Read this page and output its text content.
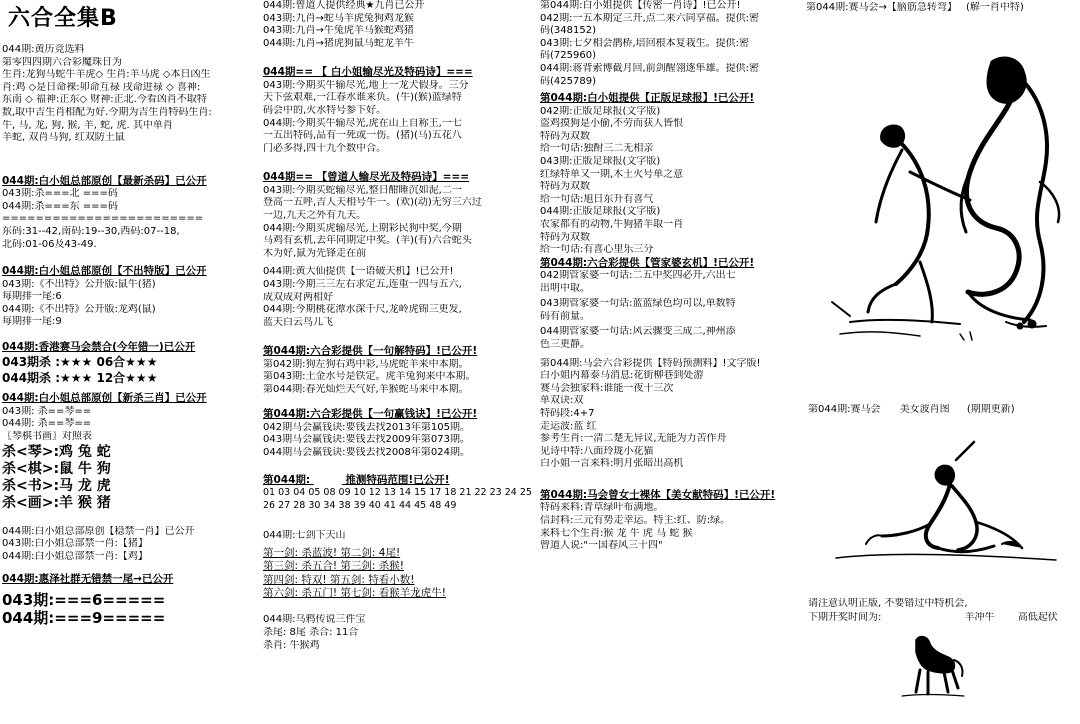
六合全集B
044期:黄历竞选料
第零四四期六合彩魔珠日为
生肖:龙狗马蛇牛羊虎◇ 生肖:羊马虎 ◇本日凶生
肖:鸡 ◇是日命裸:卯命互禄 戌命进禄 ◇ 喜神:
东南 ◇ 福神:正东◇ 财神:正北.今看凶肖不取特
数,取中吉生肖相配为好.今期为吉生肖特码生肖:
牛, 马, 龙, 狗, 猴, 羊, 蛇, 虎. 其中单肖
羊蛇, 双肖马狗, 红双防土鼠
044期:白小姐总部原创【最新杀码】已公开
043期:杀===北 ===码
044期:杀===东 ===码
========================
东码:31--42,南码:19--30,西码:07--18,
北码:01-06及43-49.
044期:白小姐总部原创【不出特版】已公开
043期:《不出特》公开版:鼠牛(猪)
每期排一尾:6
044期:《不出特》公开版:龙鸡(鼠)
每期排一尾:9
044期:香港赛马会禁合(今年错一)已公开
043期杀 :★★★ 06合★★★
044期杀 :★★★ 12合★★★
044期:白小姐总部原创【新杀三肖】已公开
043期: 杀==琴==
044期: 杀==琴==
〖琴棋书画〗对照表
杀<琴>:鸡 兔 蛇
杀<棋>:鼠 牛 狗
杀<书>:马 龙 虎
杀<画>:羊 猴 猪
044期:白小姐总部原创【稳禁一肖】已公开
043期:白小姐总部禁一肖:【猪】
044期:白小姐总部禁一肖:【鸡】
044期:惠泽社群无错禁一尾→已公开
043期:===6=====
044期:===9=====
044期:曾道人提供经典★九肖已公开
043期:九肖→蛇马羊虎兔狗鸡龙猴
043期:九肖→牛兔虎羊马猴蛇鸡猪
044期:九肖→猪虎狗鼠马蛇龙羊牛
044期== 【 白小姐输尽光及特码诗】===
043期:今期买牛输尽光,地上一龙犬假身。三分
天下弦艰难,一江春水谁来负。(牛)(猴)蓝绿特
码会中的,火水特号参下好。
044期:今期买牛输尽光,虎在山上自称王,一七
一五出特码,品有一死或一伤。(猪)(马)五花八
门必多得,四十九个数中合。
044期== 【曾道人输尽光及特码诗】===
043期:今期买蛇输尽光,整日酣睡沉如泥,二一
登高一五呼,吉人天相号牛一。(欢)(动)无穷三六过
一边,九天之外有九天。
044期:今期买虎输尽光,上期彩民狗中奖,今期
马鸡有玄机,去年同期定中奖。(羊)(有)六合蛇头
木为好,鼠为先锋走在前
044期:黄大仙提供【一语破天机】!已公开!
043期:今期三三左右求定五,连重一四与五六,
成双成对两相好
044期:今期桃花潭水深千尺,龙岭虎锦三更发,
蓝天白云鸟儿飞
第044期:六合彩提供【一句解特码】!已公开!
第042期:狗左狗右鸡中彩,马虎蛇羊来中本期。
第043期:土金水号是铁定。虎羊兔狗来中本期。
第044期:春光灿烂天气好,羊猴蛇马来中本期。
第044期:六合彩提供【一句赢钱诀】!已公开!
042期马会赢钱诀:要钱去找2013年第105期。
043期马会赢钱诀:要钱去找2009年第073期。
044期马会赢钱诀:要钱去找2008年第024期。
第044期:	推测特码范围!已公开!
01 03 04 05 08 09 10 12 13 14 15 17 18 21 22 23 24 25
26 27 28 30 34 38 39 40 41 44 45 48 49
044期:七剑下天山
第一剑: 杀蓝波! 第二剑: 4尾!
第三剑: 杀五合! 第三剑: 杀猴!
第四剑: 特双! 第五剑: 特看小数!
第六剑: 杀五门! 第七剑: 看猴羊龙虎牛!
044期:乌鸦传说三件宝
杀尾: 8尾 杀合: 11合
杀肖: 牛猴鸡
第044期:白小姐提供【传密一肖诗】!已公开!
042期:一五本期定三开,点二来六同享福。提供:密
码(348152)
043期:七夕相会鹊桥,培回根本复栽生。提供:密
码(725960)
044期:蒋背索博截月回,前剑醒翎逐隼雄。提供:密
码(425789)
第044期:白小姐提供【正版足球报】!已公开!
042期:正版足球报(文字版)
盗鸡摸狗是小偷,不劳而获人皆恨
特码为双数
给一句话:独酎三二无相亲
043期:正版足球报(文字版)
红绿特单又一期,木土火号单之意
特码为双数
给一句话:旭日东升有喜气
044期:正版足球报(文字版)
农家都有的动物,牛狗猪羊取一肖
特码为双数
给一句话:有喜心里乐三分
第044期:六合彩提供【管家婆玄机】!已公开!
042期管家婆一句话:二五中奖四必开,六出七
出明中取。
043期管家婆一句话:蓝蓝绿色均可以,单数特
码有前量。
044期管家婆一句话:风云骤变三成二,神州添
色三更静。
第044期:马会六合彩提供【特码预测料】!文字版!
白小姐内幕泰马消息:花街柳巷到处游
赛马会独家料:谁能一夜十三次
单双诀:双
特码段:4+7
走运波:蓝 红
参考生肖:一清二楚无异议,无能为力苦作舟
见诗中特:八面玲珑小花猫
白小姐一言来料:明月张暗出高机
第044期:马会曾女士裸体【美女献特码】!已公开!
特码来料:青草绿叶布满地。
信封料:三元有势走幸运。特主:红、防:绿。
来料七个生肖:猴 龙 牛 虎 马 蛇 猴
曾道人说:"一国春风三十四"
第044期:赛马会→【脑筋急转弯】 (解一肖中特)
第044期:赛马会 美女波肖图 (期期更新)
请注意认明正版, 不要错过中特机会,
下期开奖时间为:	羊冲牛 高低起伏
